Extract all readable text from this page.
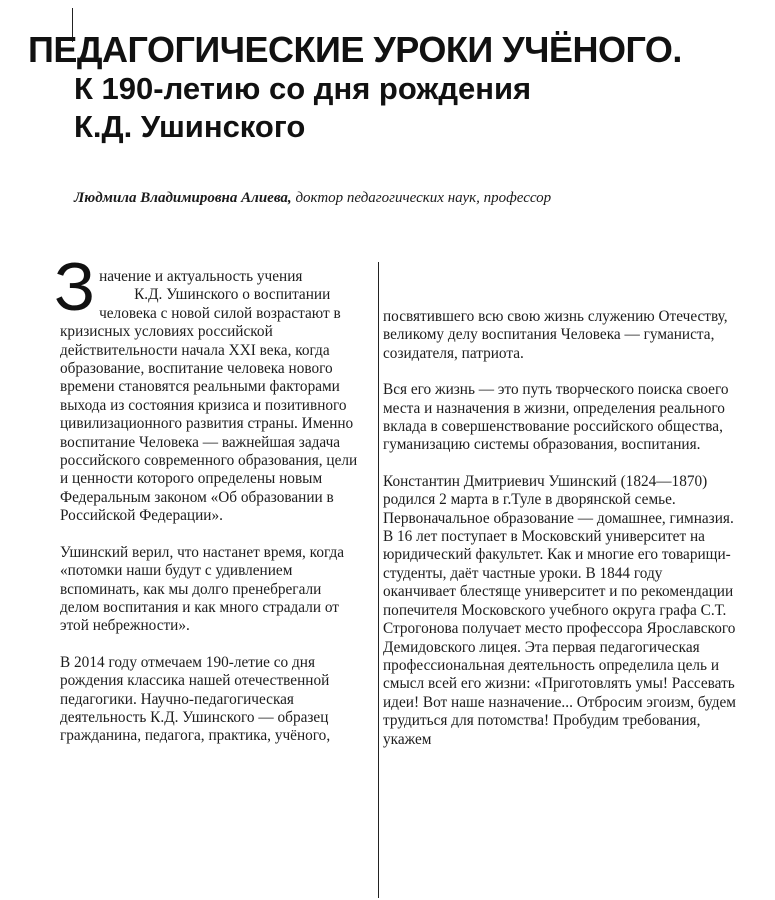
ПЕДАГОГИЧЕСКИЕ УРОКИ УЧЁНОГО.
К 190-летию со дня рождения
К.Д. Ушинского
Людмила Владимировна Алиева, доктор педагогических наук, профессор

З начение и актуальность учения
К.Д. Ушинского о воспитании
человека с новой силой возрастают в кризисных условиях российской действительности начала XXI века, когда образование, воспитание человека нового времени становятся реальными факторами выхода из состояния кризиса и позитивного цивилизационного развития страны. Именно воспитание Человека — важнейшая задача российского современного образования, цели и ценности которого определены новым Федеральным законом «Об образовании в Российской Федерации».

Ушинский верил, что настанет время, когда «потомки наши будут с удивлением вспоминать, как мы долго пренебрегали делом воспитания и как много страдали от этой небрежности».

В 2014 году отмечаем 190-летие со дня рождения классика нашей отечественной педагогики. Научно-педагогическая деятельность К.Д. Ушинского — образец гражданина, педагога, практика, учёного,

посвятившего всю свою жизнь служению Отечеству, великому делу воспитания Человека — гуманиста, созидателя, патриота.

Вся его жизнь — это путь творческого поиска своего места и назначения в жизни, определения реального вклада в совершенствование российского общества, гуманизацию системы образования, воспитания.

Константин Дмитриевич Ушинский (1824—1870) родился 2 марта в г.Туле в дворянской семье. Первоначальное образование — домашнее, гимназия. В 16 лет поступает в Московский университет на юридический факультет. Как и многие его товарищи-студенты, даёт частные уроки. В 1844 году оканчивает блестяще университет и по рекомендации попечителя Московского учебного округа графа С.Т. Строгонова получает место профессора Ярославского Демидовского лицея. Эта первая педагогическая профессиональная деятельность определила цель и смысл всей его жизни: «Приготовлять умы! Рассевать идеи! Вот наше назначение... Отбросим эгоизм, будем трудиться для потомства! Пробудим требования, укажем
